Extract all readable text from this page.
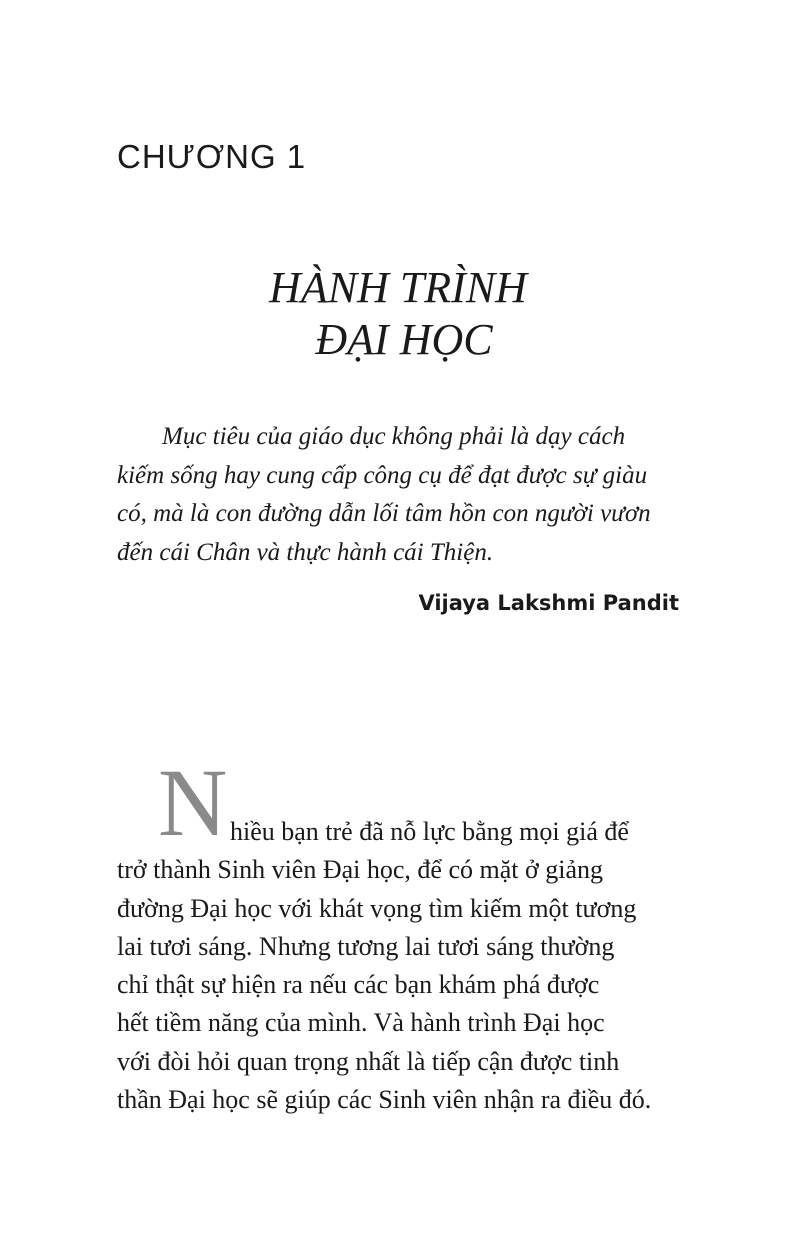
CHƯƠNG 1
HÀNH TRÌNH
ĐẠI HỌC
Mục tiêu của giáo dục không phải là dạy cách
kiếm sống hay cung cấp công cụ để đạt được sự giàu
có, mà là con đường dẫn lối tâm hồn con người vươn
đến cái Chân và thực hành cái Thiện.
Vijaya Lakshmi Pandit
N hiều bạn trẻ đã nỗ lực bằng mọi giá để
trở thành Sinh viên Đại học, để có mặt ở giảng
đường Đại học với khát vọng tìm kiếm một tương
lai tươi sáng. Nhưng tương lai tươi sáng thường
chỉ thật sự hiện ra nếu các bạn khám phá được
hết tiềm năng của mình. Và hành trình Đại học
với đòi hỏi quan trọng nhất là tiếp cận được tinh
thần Đại học sẽ giúp các Sinh viên nhận ra điều đó.
